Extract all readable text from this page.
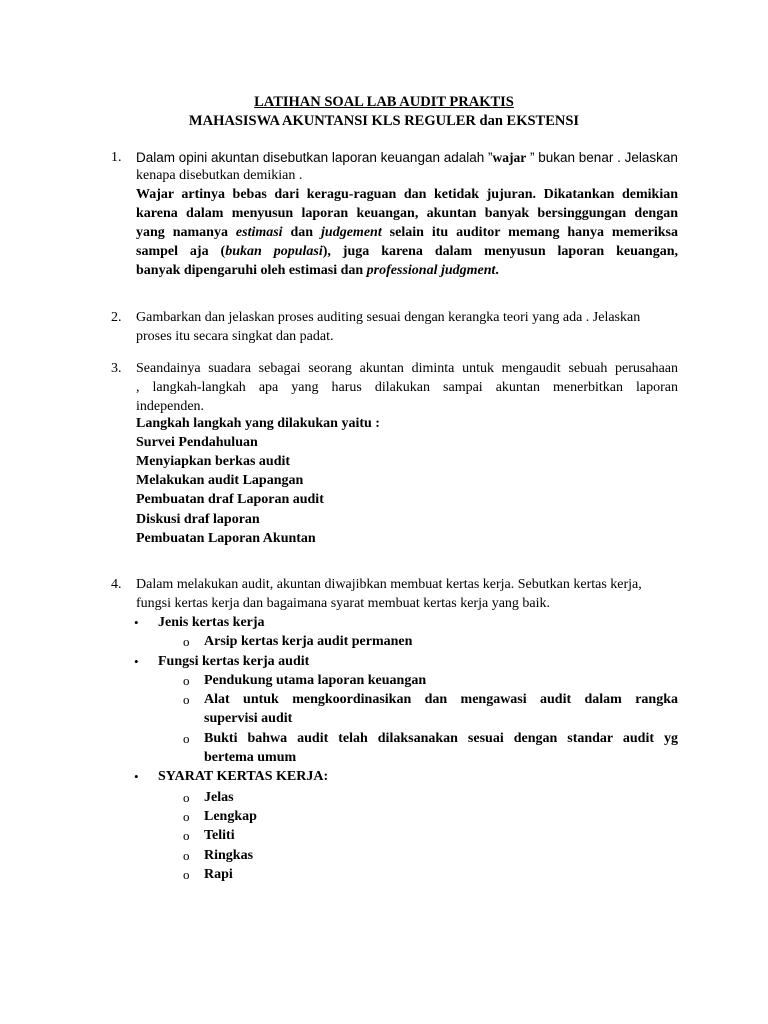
LATIHAN SOAL LAB AUDIT PRAKTIS
MAHASISWA AKUNTANSI KLS REGULER dan EKSTENSI
1. Dalam opini akuntan disebutkan laporan keuangan adalah ”wajar ” bukan benar . Jelaskan
kenapa disebutkan demikian .
Wajar artinya bebas dari keragu-raguan dan ketidak jujuran. Dikatankan demikian
karena dalam menyusun laporan keuangan, akuntan banyak bersinggungan dengan
yang namanya estimasi dan judgement selain itu auditor memang hanya memeriksa
sampel aja (bukan populasi), juga karena dalam menyusun laporan keuangan,
banyak dipengaruhi oleh estimasi dan professional judgment.
2. Gambarkan dan jelaskan proses auditing sesuai dengan kerangka teori yang ada . Jelaskan
proses itu secara singkat dan padat.
3. Seandainya suadara sebagai seorang akuntan diminta untuk mengaudit sebuah perusahaan
, langkah-langkah apa yang harus dilakukan sampai akuntan menerbitkan laporan
independen.
Langkah langkah yang dilakukan yaitu :
Survei Pendahuluan
Menyiapkan berkas audit
Melakukan audit Lapangan
Pembuatan draf Laporan audit
Diskusi draf laporan
Pembuatan Laporan Akuntan
4. Dalam melakukan audit, akuntan diwajibkan membuat kertas kerja. Sebutkan kertas kerja,
fungsi kertas kerja dan bagaimana syarat membuat kertas kerja yang baik.
• Jenis kertas kerja
o Arsip kertas kerja audit permanen
• Fungsi kertas kerja audit
o Pendukung utama laporan keuangan
o Alat untuk mengkoordinasikan dan mengawasi audit dalam rangka
supervisi audit
o Bukti bahwa audit telah dilaksanakan sesuai dengan standar audit yg
bertema umum
• SYARAT KERTAS KERJA:
o Jelas
o Lengkap
o Teliti
o Ringkas
o Rapi
